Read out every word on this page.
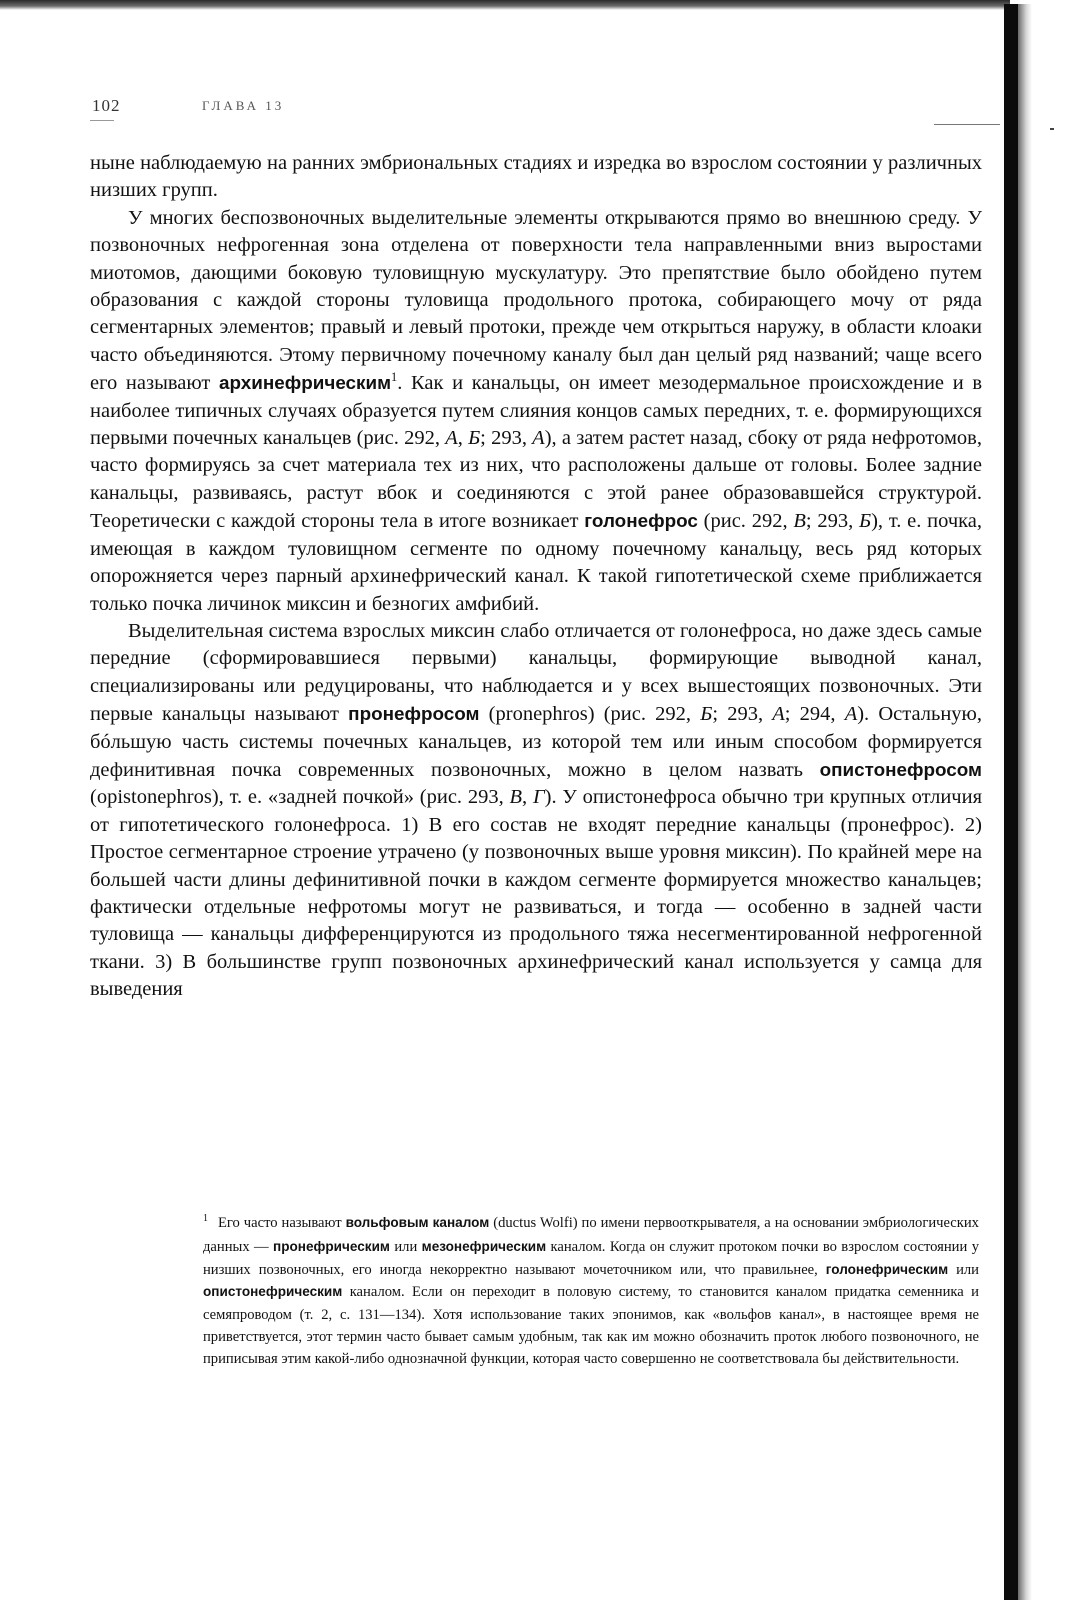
102	ГЛАВА 13

ныне наблюдаемую на ранних эмбриональных стадиях и изредка во взрослом состоянии у различных низших групп.

У многих беспозвоночных выделительные элементы открываются прямо во внешнюю среду. У позвоночных нефрогенная зона отделена от поверхности тела направленными вниз выростами миотомов, дающими боковую туловищную мускулатуру. Это препятствие было обойдено путем образования с каждой стороны туловища продольного протока, собирающего мочу от ряда сегментарных элементов; правый и левый протоки, прежде чем открыться наружу, в области клоаки часто объединяются. Этому первичному почечному каналу был дан целый ряд названий; чаще всего его называют архинефрическим$^1$. Как и канальцы, он имеет мезодермальное происхождение и в наиболее типичных случаях образуется путем слияния концов самых передних, т. е. формирующихся первыми почечных канальцев (рис. 292, А, Б; 293, А), а затем растет назад, сбоку от ряда нефротомов, часто формируясь за счет материала тех из них, что расположены дальше от головы. Более задние канальцы, развиваясь, растут вбок и соединяются с этой ранее образовавшейся структурой. Теоретически с каждой стороны тела в итоге возникает голонефрос (рис. 292, В; 293, Б), т. е. почка, имеющая в каждом туловищном сегменте по одному почечному канальцу, весь ряд которых опорожняется через парный архинефрический канал. К такой гипотетической схеме приближается только почка личинок миксин и безногих амфибий.

Выделительная система взрослых миксин слабо отличается от голонефроса, но даже здесь самые передние (сформировавшиеся первыми) канальцы, формирующие выводной канал, специализированы или редуцированы, что наблюдается и у всех вышестоящих позвоночных. Эти первые канальцы называют пронефросом (pronephros) (рис. 292, Б; 293, А; 294, А). Остальную, бóльшую часть системы почечных канальцев, из которой тем или иным способом формируется дефинитивная почка современных позвоночных, можно в целом назвать опистонефросом (opistonephros), т. е. «задней почкой» (рис. 293, В, Г). У опистонефроса обычно три крупных отличия от гипотетического голонефроса. 1) В его состав не входят передние канальцы (пронефрос). 2) Простое сегментарное строение утрачено (у позвоночных выше уровня миксин). По крайней мере на большей части длины дефинитивной почки в каждом сегменте формируется множество канальцев; фактически отдельные нефротомы могут не развиваться, и тогда — особенно в задней части туловища — канальцы дифференцируются из продольного тяжа несегментированной нефрогенной ткани. 3) В большинстве групп позвоночных архинефрический канал используется у самца для выведения

$^1$ Его часто называют вольфовым каналом (ductus Wolfi) по имени первооткрывателя, а на основании эмбриологических данных — пронефрическим или мезонефрическим каналом. Когда он служит протоком почки во взрослом состоянии у низших позвоночных, его иногда некорректно называют мочеточником или, что правильнее, голонефрическим или опистонефрическим каналом. Если он переходит в половую систему, то становится каналом придатка семенника и семяпроводом (т. 2, с. 131—134). Хотя использование таких эпонимов, как «вольфов канал», в настоящее время не приветствуется, этот термин часто бывает самым удобным, так как им можно обозначить проток любого позвоночного, не приписывая этим какой-либо однозначной функции, которая часто совершенно не соответствовала бы действительности.
